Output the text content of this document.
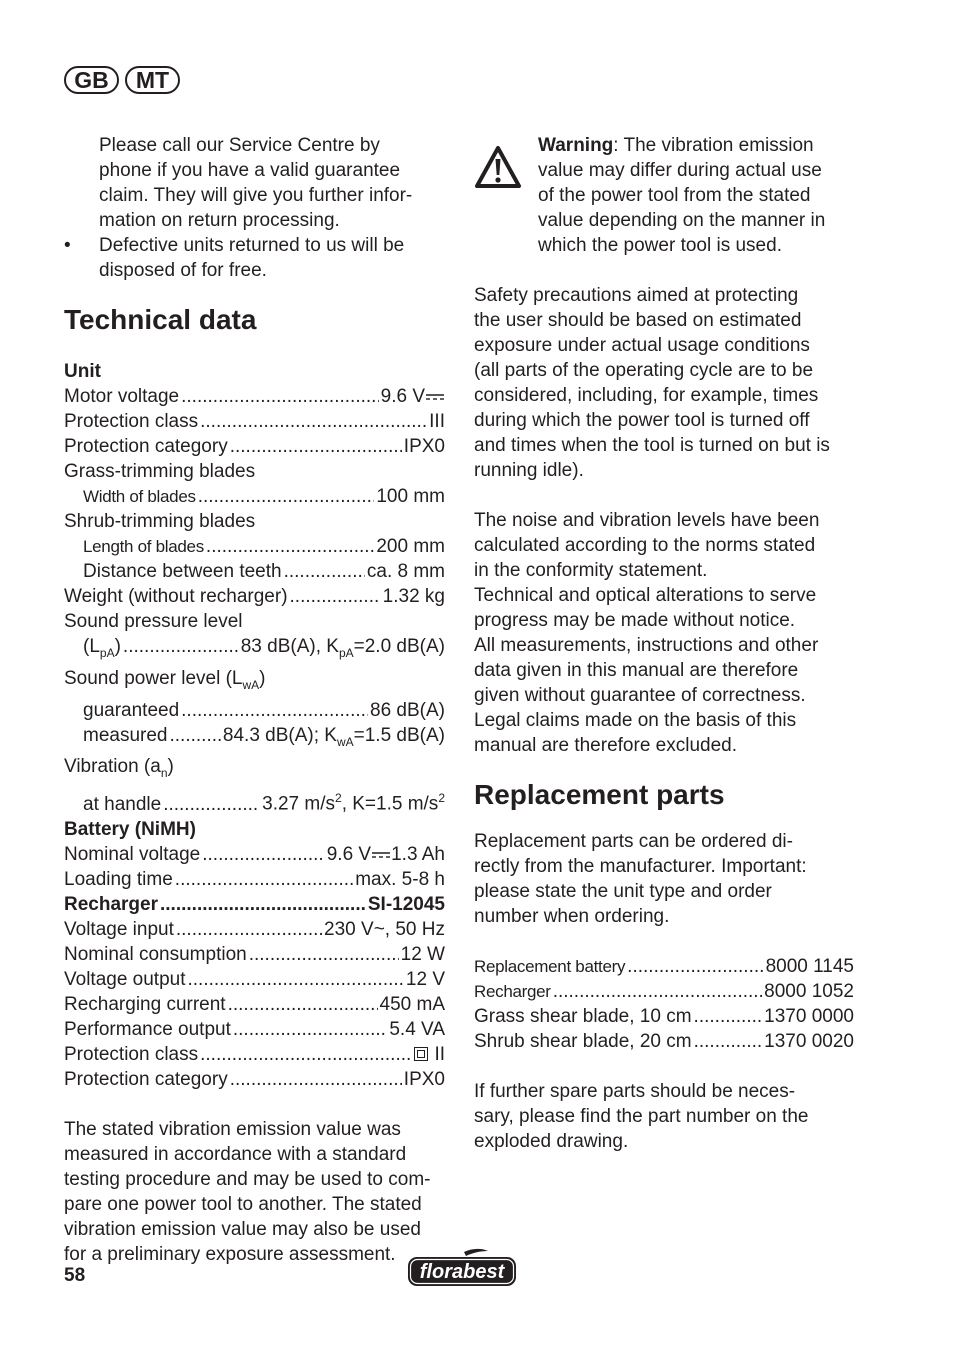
GB	MT

Please call our Service Centre by

phone if you have a valid guarantee

claim. They will give you further infor-

mation on return processing.

• Defective units returned to us will be

disposed of for free.

Technical data

Unit

Motor voltage .....	9.6 V
Protection class .....	III
Protection category .....	IPX0

Grass-trimming blades

Width of blades .....	100 mm

Shrub-trimming blades

Length of blades .....	200 mm
Distance between teeth .....	ca. 8 mm
Weight (without recharger) .....	1.32 kg

Sound pressure level

$(L_{pA})$ .....	83 dB(A), $K_{pA}=2.0$ dB(A)

Sound power level $(L_{wA})$

guaranteed .....	86 dB(A)
measured .....	84.3 dB(A); $K_{wA}=1.5$ dB(A)

Vibration $(a_n)$

at handle .....	3.27 $m/s^2$, K=1.5 $m/s^2$

Battery (NiMH)

Nominal voltage .....	9.6 V 1.3 Ah
Loading time .....	max. 5-8 h
Recharger .....	SI-12045
Voltage input .....	230 V~, 50 Hz
Nominal consumption .....	12 W
Voltage output .....	12 V
Recharging current .....	450 mA
Performance output .....	5.4 VA
Protection class .....	II
Protection category .....	IPX0

The stated vibration emission value was

measured in accordance with a standard

testing procedure and may be used to com-

pare one power tool to another. The stated

vibration emission value may also be used

for a preliminary exposure assessment.

Warning: The vibration emission

value may differ during actual use

of the power tool from the stated

value depending on the manner in

which the power tool is used.

Safety precautions aimed at protecting

the user should be based on estimated

exposure under actual usage conditions

(all parts of the operating cycle are to be

considered, including, for example, times

during which the power tool is turned off

and times when the tool is turned on but is

running idle).

The noise and vibration levels have been

calculated according to the norms stated

in the conformity statement.

Technical and optical alterations to serve

progress may be made without notice.

All measurements, instructions and other

data given in this manual are therefore

given without guarantee of correctness.

Legal claims made on the basis of this

manual are therefore excluded.

Replacement parts

Replacement parts can be ordered di-

rectly from the manufacturer. Important:

please state the unit type and order

number when ordering.

Replacement battery .....	8000 1145
Recharger .....	8000 1052
Grass shear blade, 10 cm .....	1370 0000
Shrub shear blade, 20 cm .....	1370 0020

If further spare parts should be neces-

sary, please find the part number on the

exploded drawing.

58	florabest
